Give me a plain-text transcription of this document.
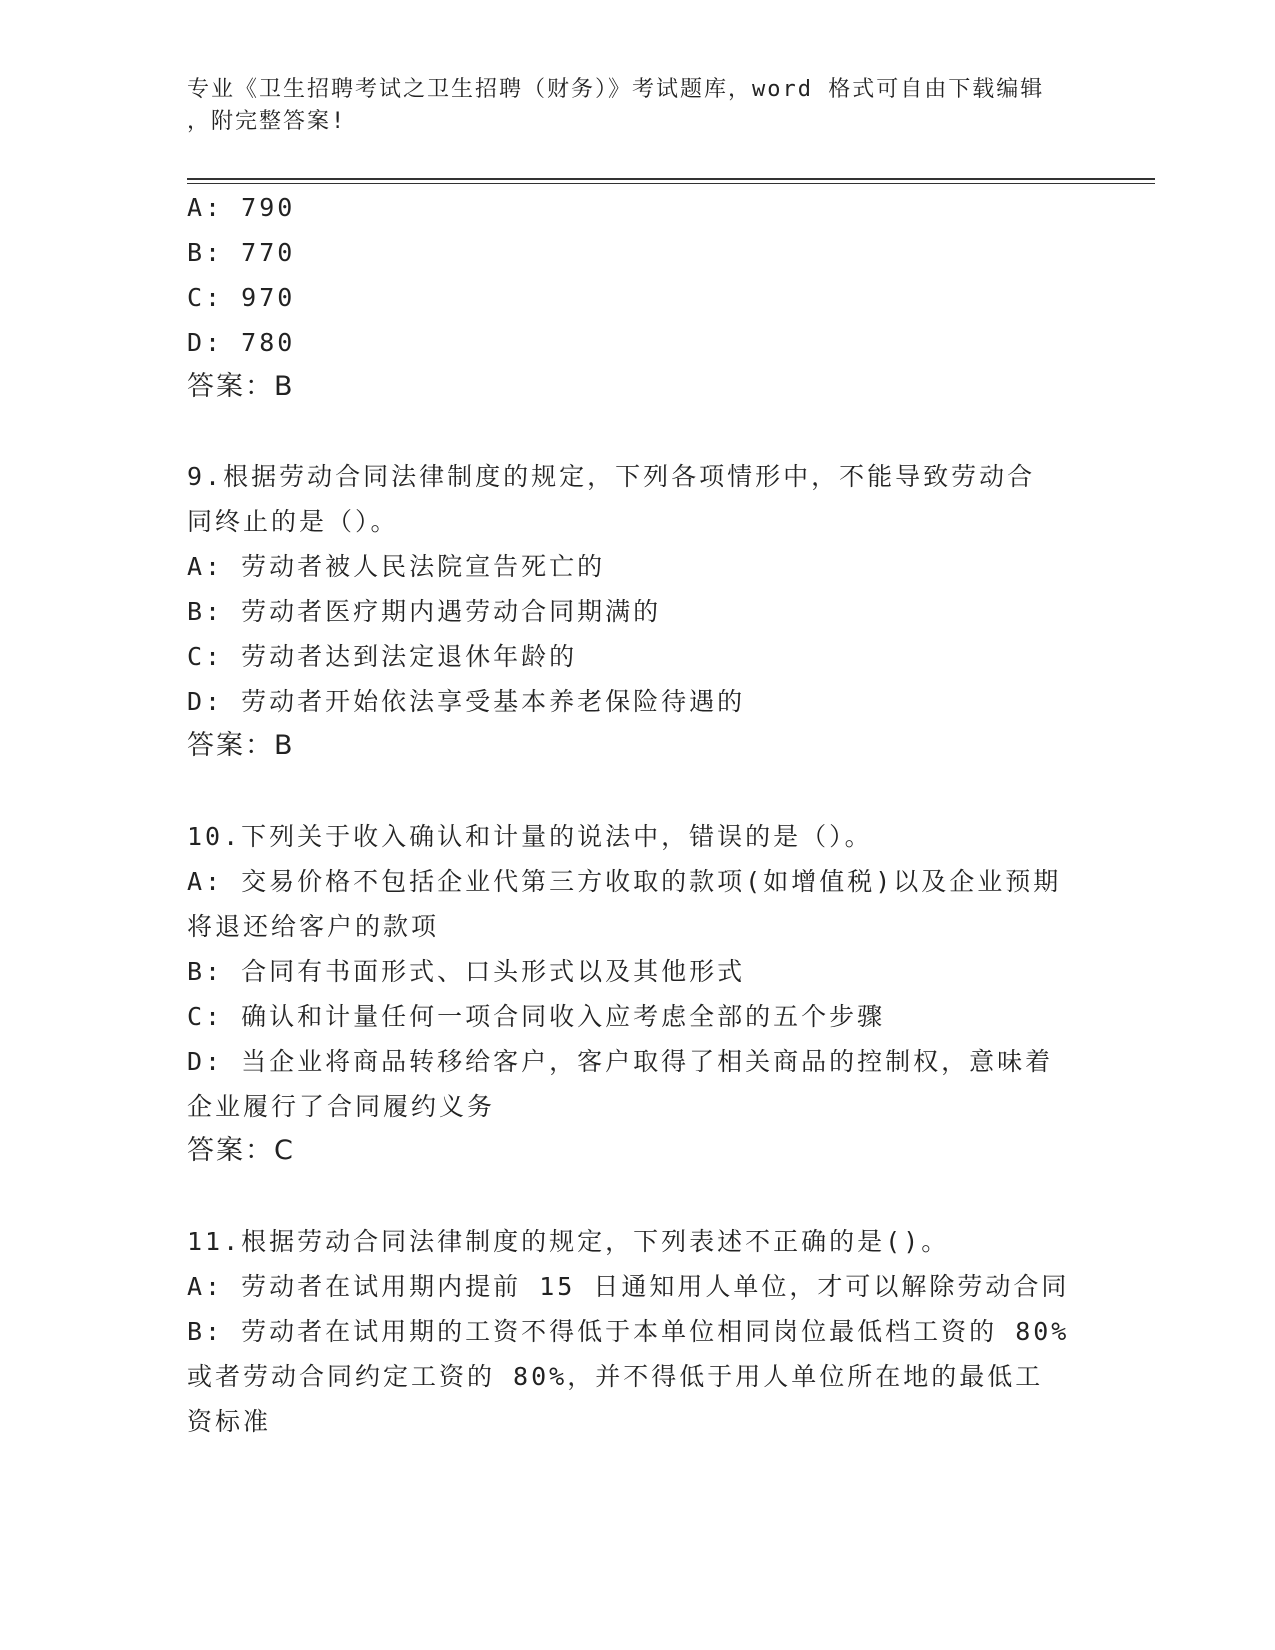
专业《卫生招聘考试之卫生招聘（财务）》考试题库，word 格式可自由下载编辑
，附完整答案!
A: 790
B: 770
C: 970
D: 780
答案：B
9.根据劳动合同法律制度的规定，下列各项情形中，不能导致劳动合
同终止的是（）。
A: 劳动者被人民法院宣告死亡的
B: 劳动者医疗期内遇劳动合同期满的
C: 劳动者达到法定退休年龄的
D: 劳动者开始依法享受基本养老保险待遇的
答案：B
10.下列关于收入确认和计量的说法中，错误的是（）。
A: 交易价格不包括企业代第三方收取的款项(如增值税)以及企业预期
将退还给客户的款项
B: 合同有书面形式、口头形式以及其他形式
C: 确认和计量任何一项合同收入应考虑全部的五个步骤
D: 当企业将商品转移给客户，客户取得了相关商品的控制权，意味着
企业履行了合同履约义务
答案：C
11.根据劳动合同法律制度的规定，下列表述不正确的是()。
A: 劳动者在试用期内提前 15 日通知用人单位，才可以解除劳动合同
B: 劳动者在试用期的工资不得低于本单位相同岗位最低档工资的 80%
或者劳动合同约定工资的 80%，并不得低于用人单位所在地的最低工
资标准
